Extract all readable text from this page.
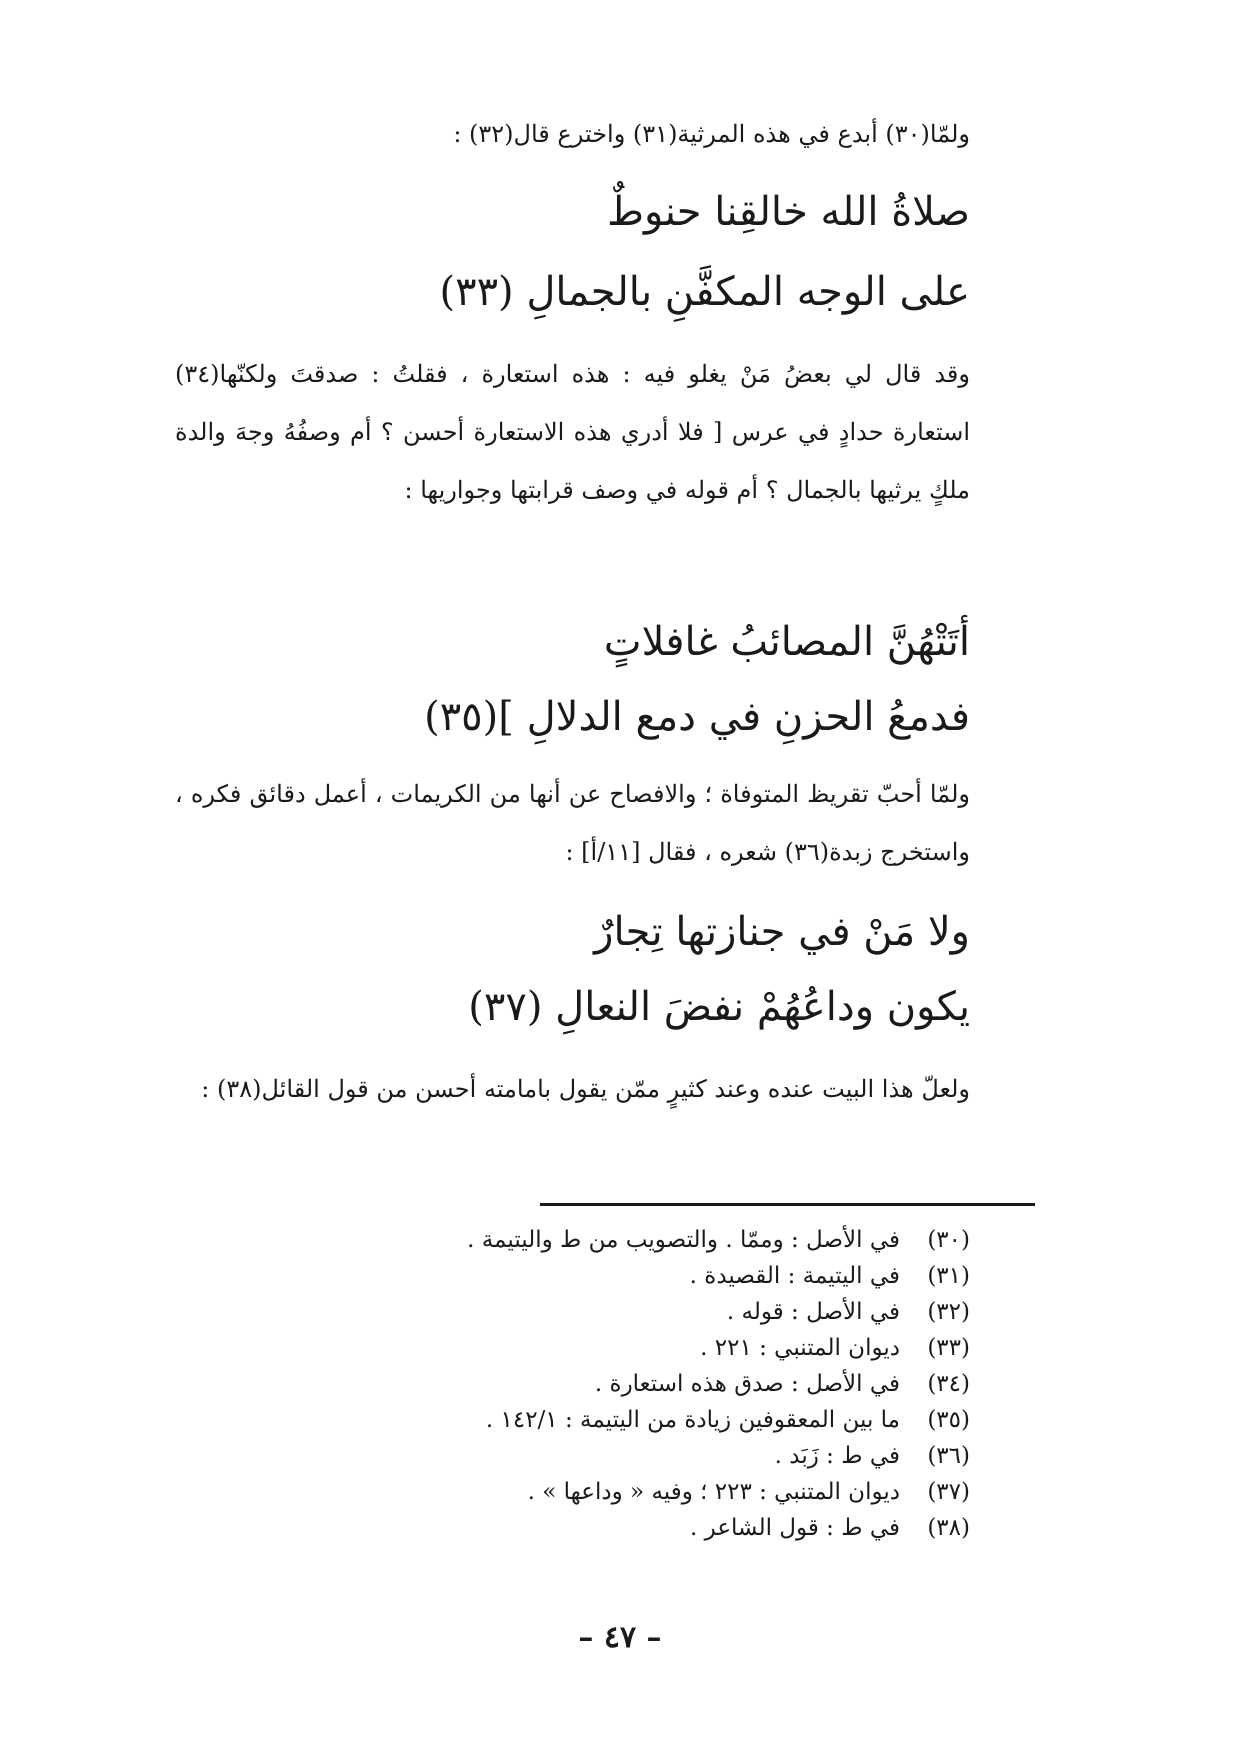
ولمّا(٣٠) أبدع في هذه المرثية(٣١) واخترع قال(٣٢) :
صلاةُ الله خالقِنا حنوطٌ
على الوجه المكفَّنِ بالجمالِ (٣٣)
وقد قال لي بعضُ مَنْ يغلو فيه : هذه استعارة ، فقلتُ : صدقتَ ولكنّها(٣٤) استعارة حدادٍ في عرس [ فلا أدري هذه الاستعارة أحسن ؟ أم وصفُهُ وجهَ والدة ملكٍ يرثيها بالجمال ؟ أم قوله في وصف قرابتها وجواريها :
أتَتْهُنَّ المصائبُ غافلاتٍ
فدمعُ الحزنِ في دمع الدلالِ ](٣٥)
ولمّا أحبّ تقريظ المتوفاة ؛ والافصاح عن أنها من الكريمات ، أعمل دقائق فكره ، واستخرج زبدة(٣٦) شعره ، فقال [١١/أ] :
ولا مَنْ في جنازتها تِجارٌ
يكون وداعُهُمْ نفضَ النعالِ (٣٧)
ولعلّ هذا البيت عنده وعند كثيرٍ ممّن يقول بامامته أحسن من قول القائل(٣٨) :
(٣٠)
في الأصل : وممّا . والتصويب من ط واليتيمة .
(٣١)
في اليتيمة : القصيدة .
(٣٢)
في الأصل : قوله .
(٣٣)
ديوان المتنبي : ٢٢١ .
(٣٤)
في الأصل : صدق هذه استعارة .
(٣٥)
ما بين المعقوفين زيادة من اليتيمة : ١٤٢/١ .
(٣٦)
في ط : زَبَد .
(٣٧)
ديوان المتنبي : ٢٢٣ ؛ وفيه « وداعها » .
(٣٨)
في ط : قول الشاعر .
– ٤٧ –
